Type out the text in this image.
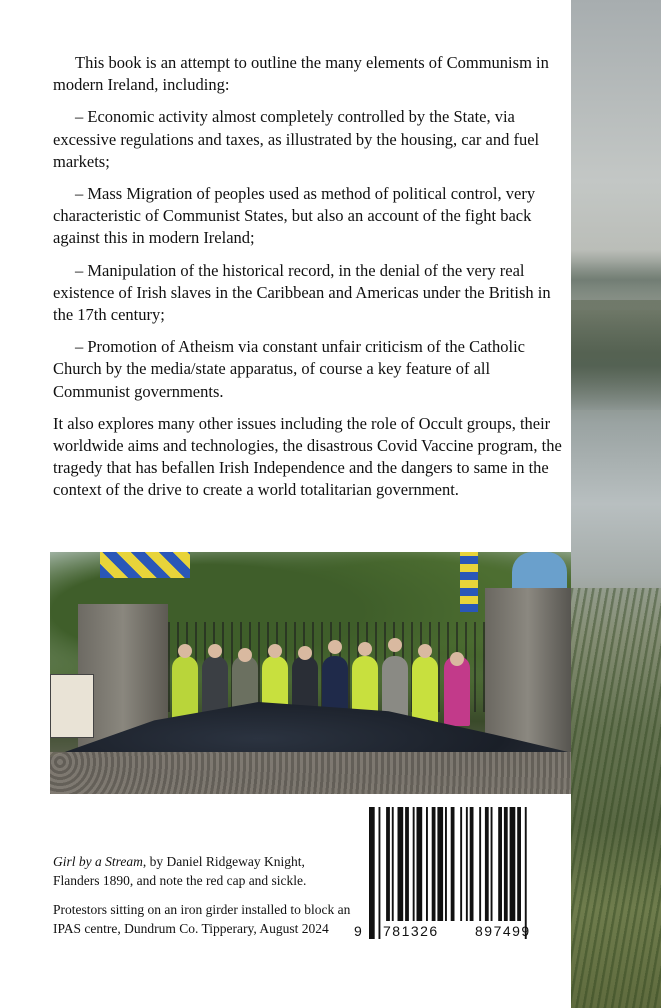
This book is an attempt to outline the many elements of Communism in modern Ireland, including:

– Economic activity almost completely controlled by the State, via excessive regulations and taxes, as illustrated by the housing, car and fuel markets;

– Mass Migration of peoples used as method of political control, very characteristic of Communist States, but also an account of the fight back against this in modern Ireland;

– Manipulation of the historical record, in the denial of the very real existence of Irish slaves in the Caribbean and Americas under the British in the 17th century;

– Promotion of Atheism via constant unfair criticism of the Catholic Church by the media/state apparatus, of course a key feature of all Communist governments.

It also explores many other issues including the role of Occult groups, their worldwide aims and technologies, the disastrous Covid Vaccine program, the tragedy that has befallen Irish Independence and the dangers to same in the context of the drive to create a world totalitarian government.

Girl by a Stream, by Daniel Ridgeway Knight, Flanders 1890, and note the red cap and sickle.

Protestors sitting on an iron girder installed to block an IPAS centre, Dundrum Co. Tipperary, August 2024	9 781326	897499
